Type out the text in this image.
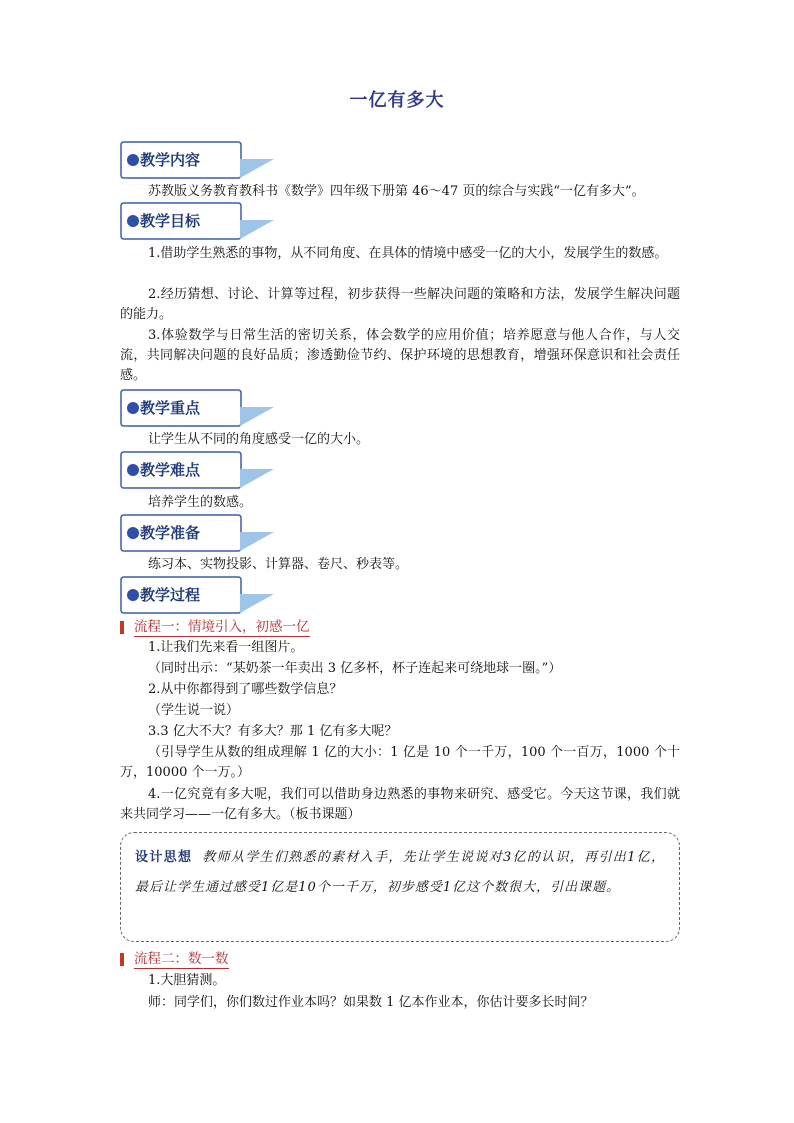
一亿有多大
教学内容
苏教版义务教育教科书《数学》四年级下册第 46～47 页的综合与实践“一亿有多大”。
教学目标
1.借助学生熟悉的事物，从不同角度、在具体的情境中感受一亿的大小，发展学生的数感。
2.经历猜想、讨论、计算等过程，初步获得一些解决问题的策略和方法，发展学生解决问题的能力。
3.体验数学与日常生活的密切关系，体会数学的应用价值；培养愿意与他人合作，与人交流，共同解决问题的良好品质；渗透勤俭节约、保护环境的思想教育，增强环保意识和社会责任感。
教学重点
让学生从不同的角度感受一亿的大小。
教学难点
培养学生的数感。
教学准备
练习本、实物投影、计算器、卷尺、秒表等。
教学过程
流程一：情境引入，初感一亿
1.让我们先来看一组图片。
（同时出示：“某奶茶一年卖出 3 亿多杯，杯子连起来可绕地球一圈。”）
2.从中你都得到了哪些数学信息？
（学生说一说）
3.3 亿大不大？有多大？那 1 亿有多大呢？
（引导学生从数的组成理解 1 亿的大小：1 亿是 10 个一千万，100 个一百万，1000 个十万，10000 个一万。）
4.一亿究竟有多大呢，我们可以借助身边熟悉的事物来研究、感受它。今天这节课，我们就来共同学习——一亿有多大。（板书课题）
设计思想 教师从学生们熟悉的素材入手，先让学生说说对3亿的认识，再引出1亿，最后让学生通过感受1亿是10个一千万，初步感受1亿这个数很大，引出课题。
流程二：数一数
1.大胆猜测。
师：同学们，你们数过作业本吗？如果数 1 亿本作业本，你估计要多长时间？
